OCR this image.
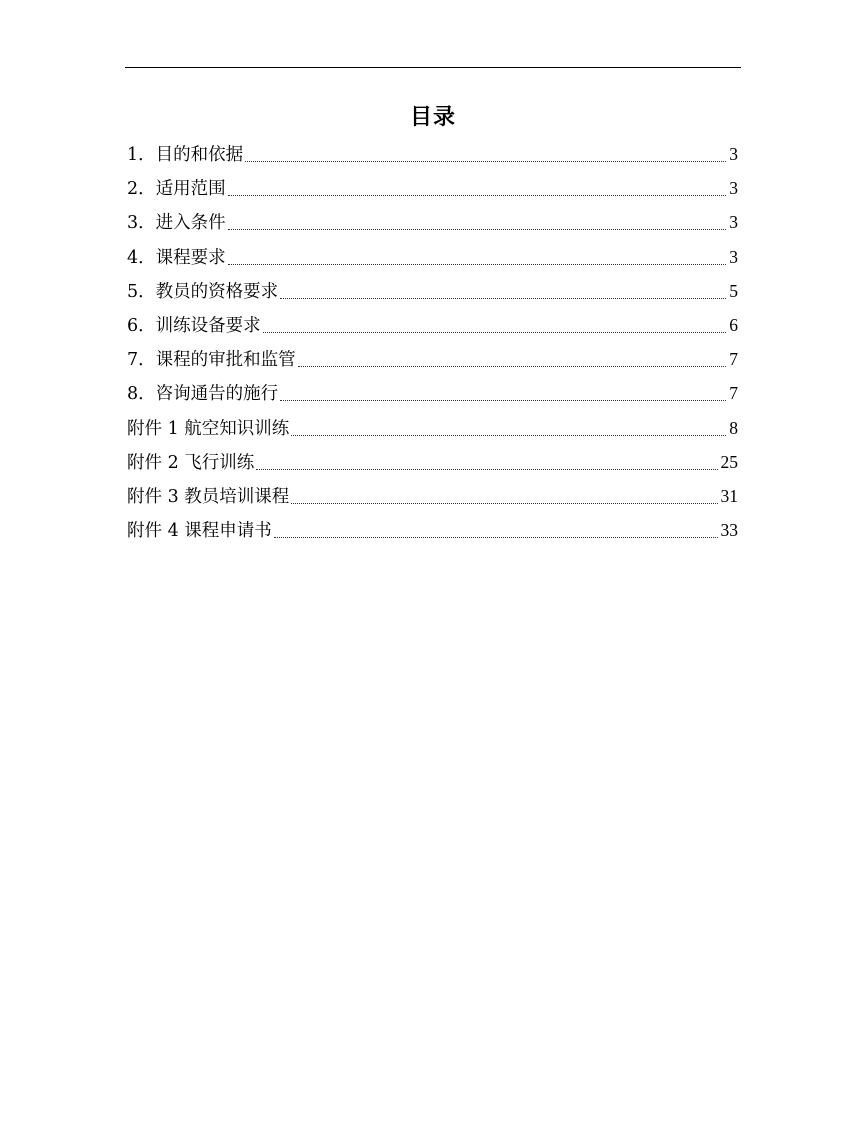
目录
1．目的和依据	3
2．适用范围	3
3．进入条件	3
4．课程要求	3
5．教员的资格要求	5
6．训练设备要求	6
7．课程的审批和监管	7
8．咨询通告的施行	7
附件 1 航空知识训练	8
附件 2 飞行训练	25
附件 3 教员培训课程	31
附件 4 课程申请书	33
